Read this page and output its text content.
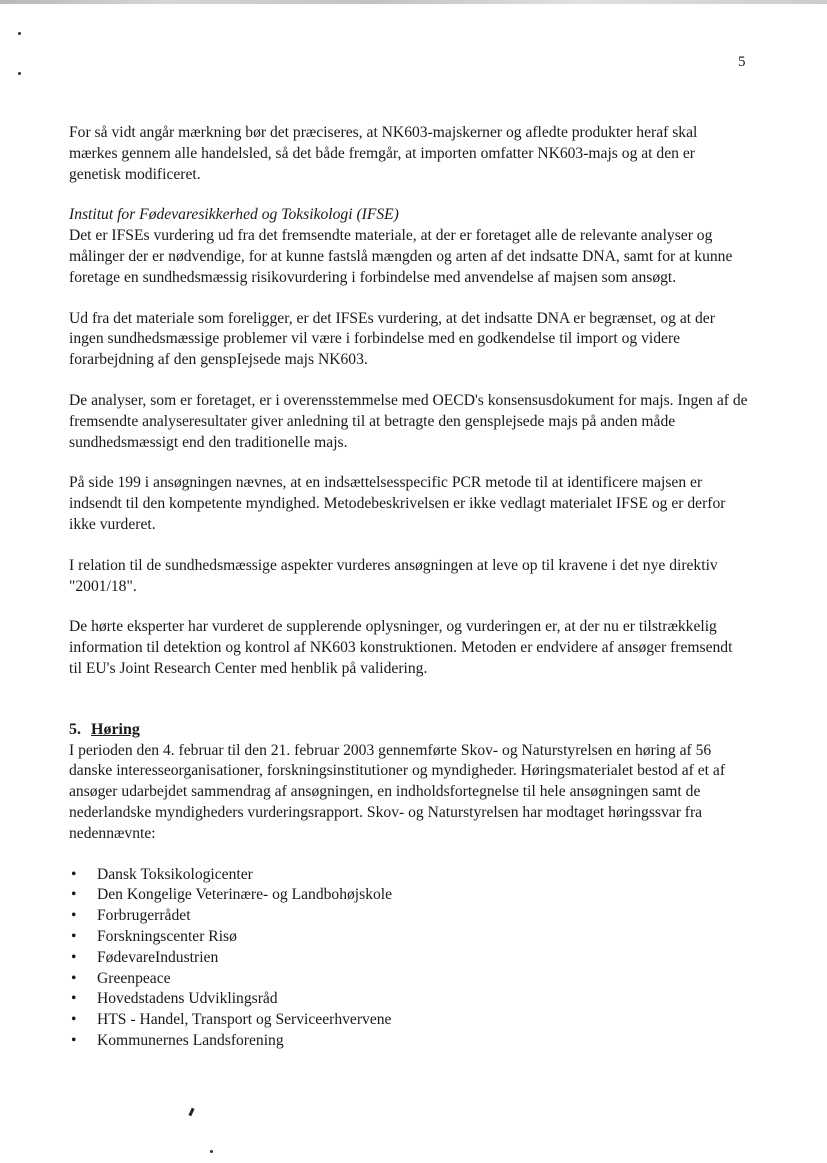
5

For så vidt angår mærkning bør det præciseres, at NK603-majskerner og afledte produkter heraf skal mærkes gennem alle handelsled, så det både fremgår, at importen omfatter NK603-majs og at den er genetisk modificeret.

Institut for Fødevaresikkerhed og Toksikologi (IFSE)

Det er IFSEs vurdering ud fra det fremsendte materiale, at der er foretaget alle de relevante analyser og målinger der er nødvendige, for at kunne fastslå mængden og arten af det indsatte DNA, samt for at kunne foretage en sundhedsmæssig risikovurdering i forbindelse med anvendelse af majsen som ansøgt.

Ud fra det materiale som foreligger, er det IFSEs vurdering, at det indsatte DNA er begrænset, og at der ingen sundhedsmæssige problemer vil være i forbindelse med en godkendelse til import og videre forarbejdning af den genspIejsede majs NK603.

De analyser, som er foretaget, er i overensstemmelse med OECD's konsensusdokument for majs. Ingen af de fremsendte analyseresultater giver anledning til at betragte den gensplejsede majs på anden måde sundhedsmæssigt end den traditionelle majs.

På side 199 i ansøgningen nævnes, at en indsættelsesspecific PCR metode til at identificere majsen er indsendt til den kompetente myndighed. Metodebeskrivelsen er ikke vedlagt materialet IFSE og er derfor ikke vurderet.

I relation til de sundhedsmæssige aspekter vurderes ansøgningen at leve op til kravene i det nye direktiv "2001/18".

De hørte eksperter har vurderet de supplerende oplysninger, og vurderingen er, at der nu er tilstrækkelig information til detektion og kontrol af NK603 konstruktionen. Metoden er endvidere af ansøger fremsendt til EU's Joint Research Center med henblik på validering.

5. Høring

I perioden den 4. februar til den 21. februar 2003 gennemførte Skov- og Naturstyrelsen en høring af 56 danske interesseorganisationer, forskningsinstitutioner og myndigheder. Høringsmaterialet bestod af et af ansøger udarbejdet sammendrag af ansøgningen, en indholdsfortegnelse til hele ansøgningen samt de nederlandske myndigheders vurderingsrapport. Skov- og Naturstyrelsen har modtaget høringssvar fra nedennævnte:

• Dansk Toksikologicenter
• Den Kongelige Veterinære- og Landbohøjskole
• Forbrugerrådet
• Forskningscenter Risø
• FødevareIndustrien
• Greenpeace
• Hovedstadens Udviklingsråd
• HTS - Handel, Transport og Serviceerhvervene
• Kommunernes Landsforening
